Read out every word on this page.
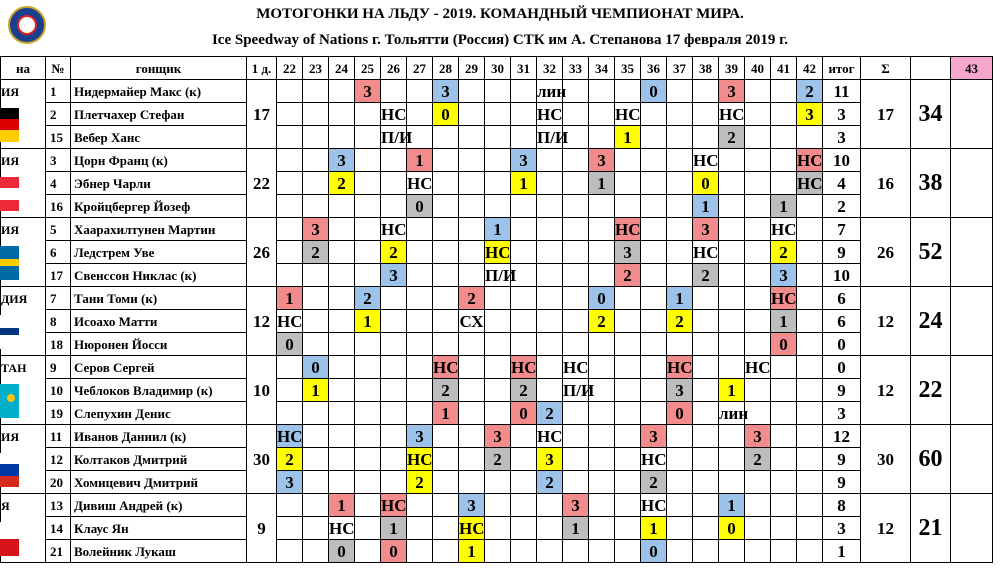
МОТОГОНКИ НА ЛЬДУ - 2019. КОМАНДНЫЙ ЧЕМПИОНАТ МИРА.
Ice Speedway of Nations г. Тольятти (Россия) СТК им А. Степанова 17 февраля 2019 г.
на	№	гонщик	1 д.	22	23	24	25	26	27	28	29	30	31	32	33	34	35	36	37	38	39	40	41	42	итог	Σ		43	

ИЯ	1	Нидермайер Макс (к)	17				3			3				лин				0			3			2	11	17	34		
	2	Плетчахер Стефан						НС		0				НС			НС				НС			3	3				
	15	Вебер Ханс						П/И						П/И			1				2				3				

ИЯ	3	Цорн Франц (к)	22			3			1				3			3				НС				НС	10	16	38		
	4	Эбнер Чарли				2			НС				1			1				0				НС	4				
	16	Кройцбергер Йозеф							0											1			1		2				

ИЯ	5	Хаарахилтунен Мартин	26		3			НС				1					НС			3			НС		7	26	52		
	6	Ледстрем Уве			2			2				НС					3			НС			2		9				
	17	Свенссон Никлас (к)						3				П/И					2			2			3		10				

ДИЯ	7	Тани Томи (к)	12	1			2				2					0			1				НС		6	12	24		
	8	Исоахо Матти		НС			1				СХ					2			2				1		6				
	18	Нюронен Йосси		0																			0		0				

ТАН	9	Серов Сергей	10		0					НС			НС		НС				НС			НС			0	12	22		
	10	Чеблоков Владимир (к)			1					2			2		П/И				3		1				9				
	19	Слепухин Денис								1			0	2					0		лин				3				

ИЯ	11	Иванов Даниил (к)	30	НС					3			3		НС				3				3			12	30	60		
	12	Колтаков Дмитрий		2					НС			2		3				НС				2			9				
	20	Хомицевич Дмитрий		3					2					2				2							9				

Я	13	Дивиш Андрей (к)	9			1		НС			3				3			НС			1				8	12	21		
	14	Клаус Ян				НС		1			НС				1			1			0				3				
	21	Волейник Лукаш				0		0			1							0							1				
